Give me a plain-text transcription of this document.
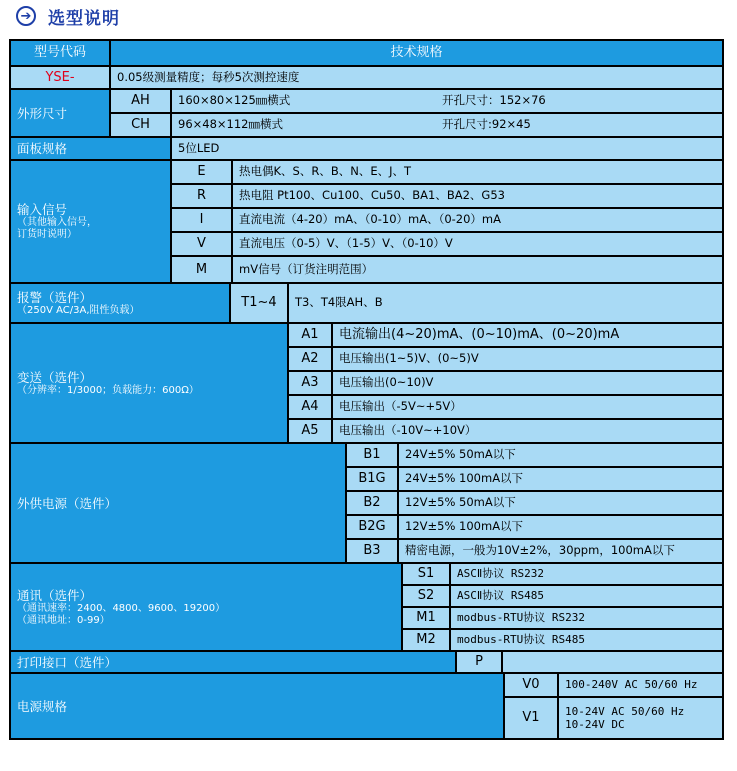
➔ 选型说明
型号代码	技术规格
YSE-	0.05级测量精度；每秒5次测控速度
外形尺寸
AH	160×80×125㎜横式	开孔尺寸：152×76
CH	96×48×112㎜横式	开孔尺寸:92×45
面板规格	5位LED
输入信号
（其他输入信号，
订货时说明）
E	热电偶K、S、R、B、N、E、J、T
R	热电阻 Pt100、Cu100、Cu50、BA1、BA2、G53
I	直流电流（4-20）mA、（0-10）mA、（0-20）mA
V	直流电压（0-5）V、（1-5）V、（0-10）V
M	mV信号（订货注明范围）
报警（选件）
（250V AC/3A,阻性负载）	T1~4	T3、T4限AH、B
变送（选件）
（分辨率：1/3000；负载能力：600Ω）
A1	电流输出(4~20)mA、(0~10)mA、(0~20)mA
A2	电压输出(1~5)V、(0~5)V
A3	电压输出(0~10)V
A4	电压输出（-5V~+5V）
A5	电压输出（-10V~+10V）
外供电源（选件）
B1	24V±5% 50mA以下
B1G	24V±5% 100mA以下
B2	12V±5% 50mA以下
B2G	12V±5% 100mA以下
B3	精密电源，一般为10V±2%，30ppm，100mA以下
通讯（选件）
（通讯速率：2400、4800、9600、19200）
（通讯地址：0-99）
S1	ASCⅡ协议 RS232
S2	ASCⅡ协议 RS485
M1	modbus-RTU协议 RS232
M2	modbus-RTU协议 RS485
打印接口（选件）	P
电源规格
V0	100-240V AC 50/60 Hz
V1	10-24V AC 50/60 Hz
10-24V DC
